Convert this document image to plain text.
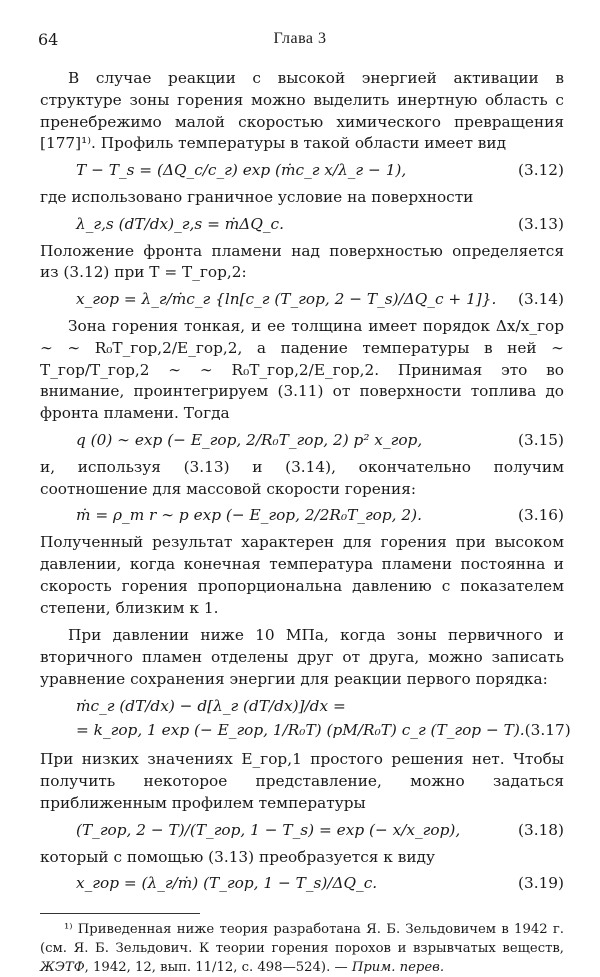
64	Глава 3

В случае реакции с высокой энергией активации в структуре зоны горения можно выделить инертную область с пренебрежимо малой скоростью химического превращения [177]¹⁾. Профиль температуры в такой области имеет вид

T − T_s = (ΔQ_c/c_г) exp (ṁc_г x/λ_г − 1),	(3.12)

где использовано граничное условие на поверхности

λ_г,s (dT/dx)_г,s = ṁΔQ_c.	(3.13)

Положение фронта пламени над поверхностью определяется из (3.12) при T = T_гор,2:

x_гор = λ_г/ṁc_г {ln[c_г (T_гор, 2 − T_s)/ΔQ_c + 1]}. (3.14)

Зона горения тонкая, и ее толщина имеет порядок Δx/x_гор ∼ ∼ R₀T_гор,2/E_гор,2, а падение температуры в ней ∼ T_гор/T_гор,2 ∼ ∼ R₀T_гор,2/E_гор,2. Принимая это во внимание, проинтегрируем (3.11) от поверхности топлива до фронта пламени. Тогда

q (0) ∼ exp (− E_гор, 2/R₀T_гор, 2) p² x_гор,	(3.15)

и, используя (3.13) и (3.14), окончательно получим соотношение для массовой скорости горения:

ṁ = ρ_т r ∼ p exp (− E_гор, 2/2R₀T_гор, 2).	(3.16)

Полученный результат характерен для горения при высоком давлении, когда конечная температура пламени постоянна и скорость горения пропорциональна давлению с показателем степени, близким к 1.

При давлении ниже 10 МПа, когда зоны первичного и вторичного пламен отделены друг от друга, можно записать уравнение сохранения энергии для реакции первого порядка:

ṁc_г (dT/dx) − d[λ_г (dT/dx)]/dx =
= k_гор, 1 exp (− E_гор, 1/R₀T) (pM/R₀T) c_г (T_гор − T). (3.17)

При низких значениях E_гор,1 простого решения нет. Чтобы получить некоторое представление, можно задаться приближенным профилем температуры

(T_гор, 2 − T)/(T_гор, 1 − T_s) = exp (− x/x_гор),	(3.18)

который с помощью (3.13) преобразуется к виду

x_гор = (λ_г/ṁ) (T_гор, 1 − T_s)/ΔQ_c.	(3.19)

¹⁾ Приведенная ниже теория разработана Я. Б. Зельдовичем в 1942 г. (см. Я. Б. Зельдович. К теории горения порохов и взрывчатых веществ, ЖЭТФ, 1942, 12, вып. 11/12, с. 498—524). — Прим. перев.
